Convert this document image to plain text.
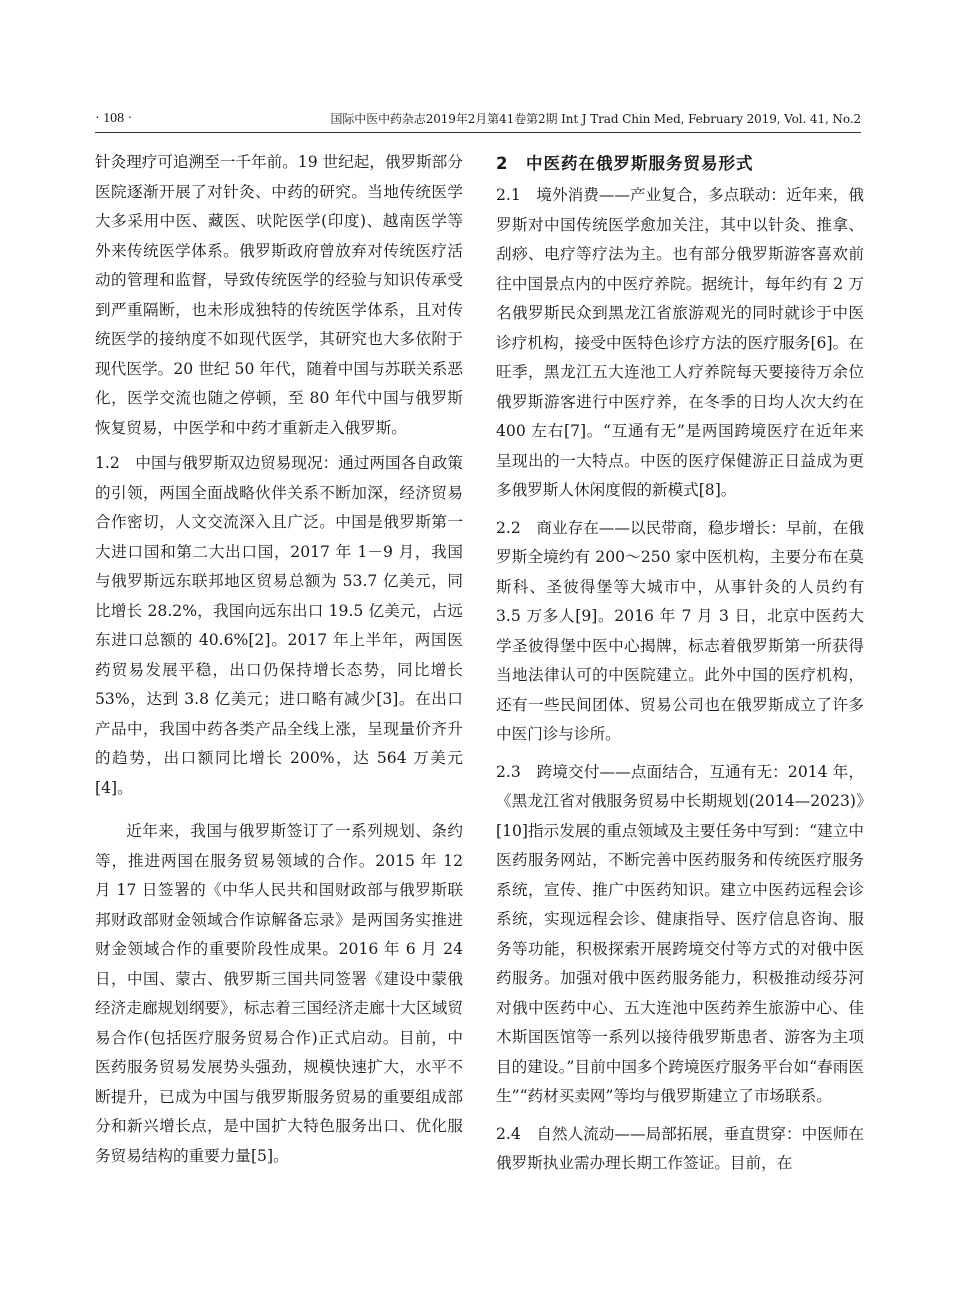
· 108 ·	国际中医中药杂志2019年2月第41卷第2期 Int J Trad Chin Med, February 2019, Vol. 41, No.2

针灸理疗可追溯至一千年前。19 世纪起，俄罗斯部分医院逐渐开展了对针灸、中药的研究。当地传统医学大多采用中医、藏医、吠陀医学(印度)、越南医学等外来传统医学体系。俄罗斯政府曾放弃对传统医疗活动的管理和监督，导致传统医学的经验与知识传承受到严重隔断，也未形成独特的传统医学体系，且对传统医学的接纳度不如现代医学，其研究也大多依附于现代医学。20 世纪 50 年代，随着中国与苏联关系恶化，医学交流也随之停顿，至 80 年代中国与俄罗斯恢复贸易，中医学和中药才重新走入俄罗斯。

1.2　中国与俄罗斯双边贸易现况：通过两国各自政策的引领，两国全面战略伙伴关系不断加深，经济贸易合作密切，人文交流深入且广泛。中国是俄罗斯第一大进口国和第二大出口国，2017 年 1－9 月，我国与俄罗斯远东联邦地区贸易总额为 53.7 亿美元，同比增长 28.2%，我国向远东出口 19.5 亿美元，占远东进口总额的 40.6%[2]。2017 年上半年，两国医药贸易发展平稳，出口仍保持增长态势，同比增长 53%，达到 3.8 亿美元；进口略有减少[3]。在出口产品中，我国中药各类产品全线上涨，呈现量价齐升的趋势，出口额同比增长 200%，达 564 万美元[4]。

近年来，我国与俄罗斯签订了一系列规划、条约等，推进两国在服务贸易领域的合作。2015 年 12 月 17 日签署的《中华人民共和国财政部与俄罗斯联邦财政部财金领域合作谅解备忘录》是两国务实推进财金领域合作的重要阶段性成果。2016 年 6 月 24 日，中国、蒙古、俄罗斯三国共同签署《建设中蒙俄经济走廊规划纲要》，标志着三国经济走廊十大区域贸易合作(包括医疗服务贸易合作)正式启动。目前，中医药服务贸易发展势头强劲，规模快速扩大，水平不断提升，已成为中国与俄罗斯服务贸易的重要组成部分和新兴增长点，是中国扩大特色服务出口、优化服务贸易结构的重要力量[5]。

2　中医药在俄罗斯服务贸易形式

2.1　境外消费——产业复合，多点联动：近年来，俄罗斯对中国传统医学愈加关注，其中以针灸、推拿、刮痧、电疗等疗法为主。也有部分俄罗斯游客喜欢前往中国景点内的中医疗养院。据统计，每年约有 2 万名俄罗斯民众到黑龙江省旅游观光的同时就诊于中医诊疗机构，接受中医特色诊疗方法的医疗服务[6]。在旺季，黑龙江五大连池工人疗养院每天要接待万余位俄罗斯游客进行中医疗养，在冬季的日均人次大约在 400 左右[7]。“互通有无”是两国跨境医疗在近年来呈现出的一大特点。中医的医疗保健游正日益成为更多俄罗斯人休闲度假的新模式[8]。

2.2　商业存在——以民带商，稳步增长：早前，在俄罗斯全境约有 200～250 家中医机构，主要分布在莫斯科、圣彼得堡等大城市中，从事针灸的人员约有 3.5 万多人[9]。2016 年 7 月 3 日，北京中医药大学圣彼得堡中医中心揭牌，标志着俄罗斯第一所获得当地法律认可的中医院建立。此外中国的医疗机构，还有一些民间团体、贸易公司也在俄罗斯成立了许多中医门诊与诊所。

2.3　跨境交付——点面结合，互通有无：2014 年，《黑龙江省对俄服务贸易中长期规划(2014—2023)》[10]指示发展的重点领域及主要任务中写到：“建立中医药服务网站，不断完善中医药服务和传统医疗服务系统，宣传、推广中医药知识。建立中医药远程会诊系统，实现远程会诊、健康指导、医疗信息咨询、服务等功能，积极探索开展跨境交付等方式的对俄中医药服务。加强对俄中医药服务能力，积极推动绥芬河对俄中医药中心、五大连池中医药养生旅游中心、佳木斯国医馆等一系列以接待俄罗斯患者、游客为主项目的建设。”目前中国多个跨境医疗服务平台如“春雨医生”“药材买卖网”等均与俄罗斯建立了市场联系。

2.4　自然人流动——局部拓展，垂直贯穿：中医师在俄罗斯执业需办理长期工作签证。目前，在
